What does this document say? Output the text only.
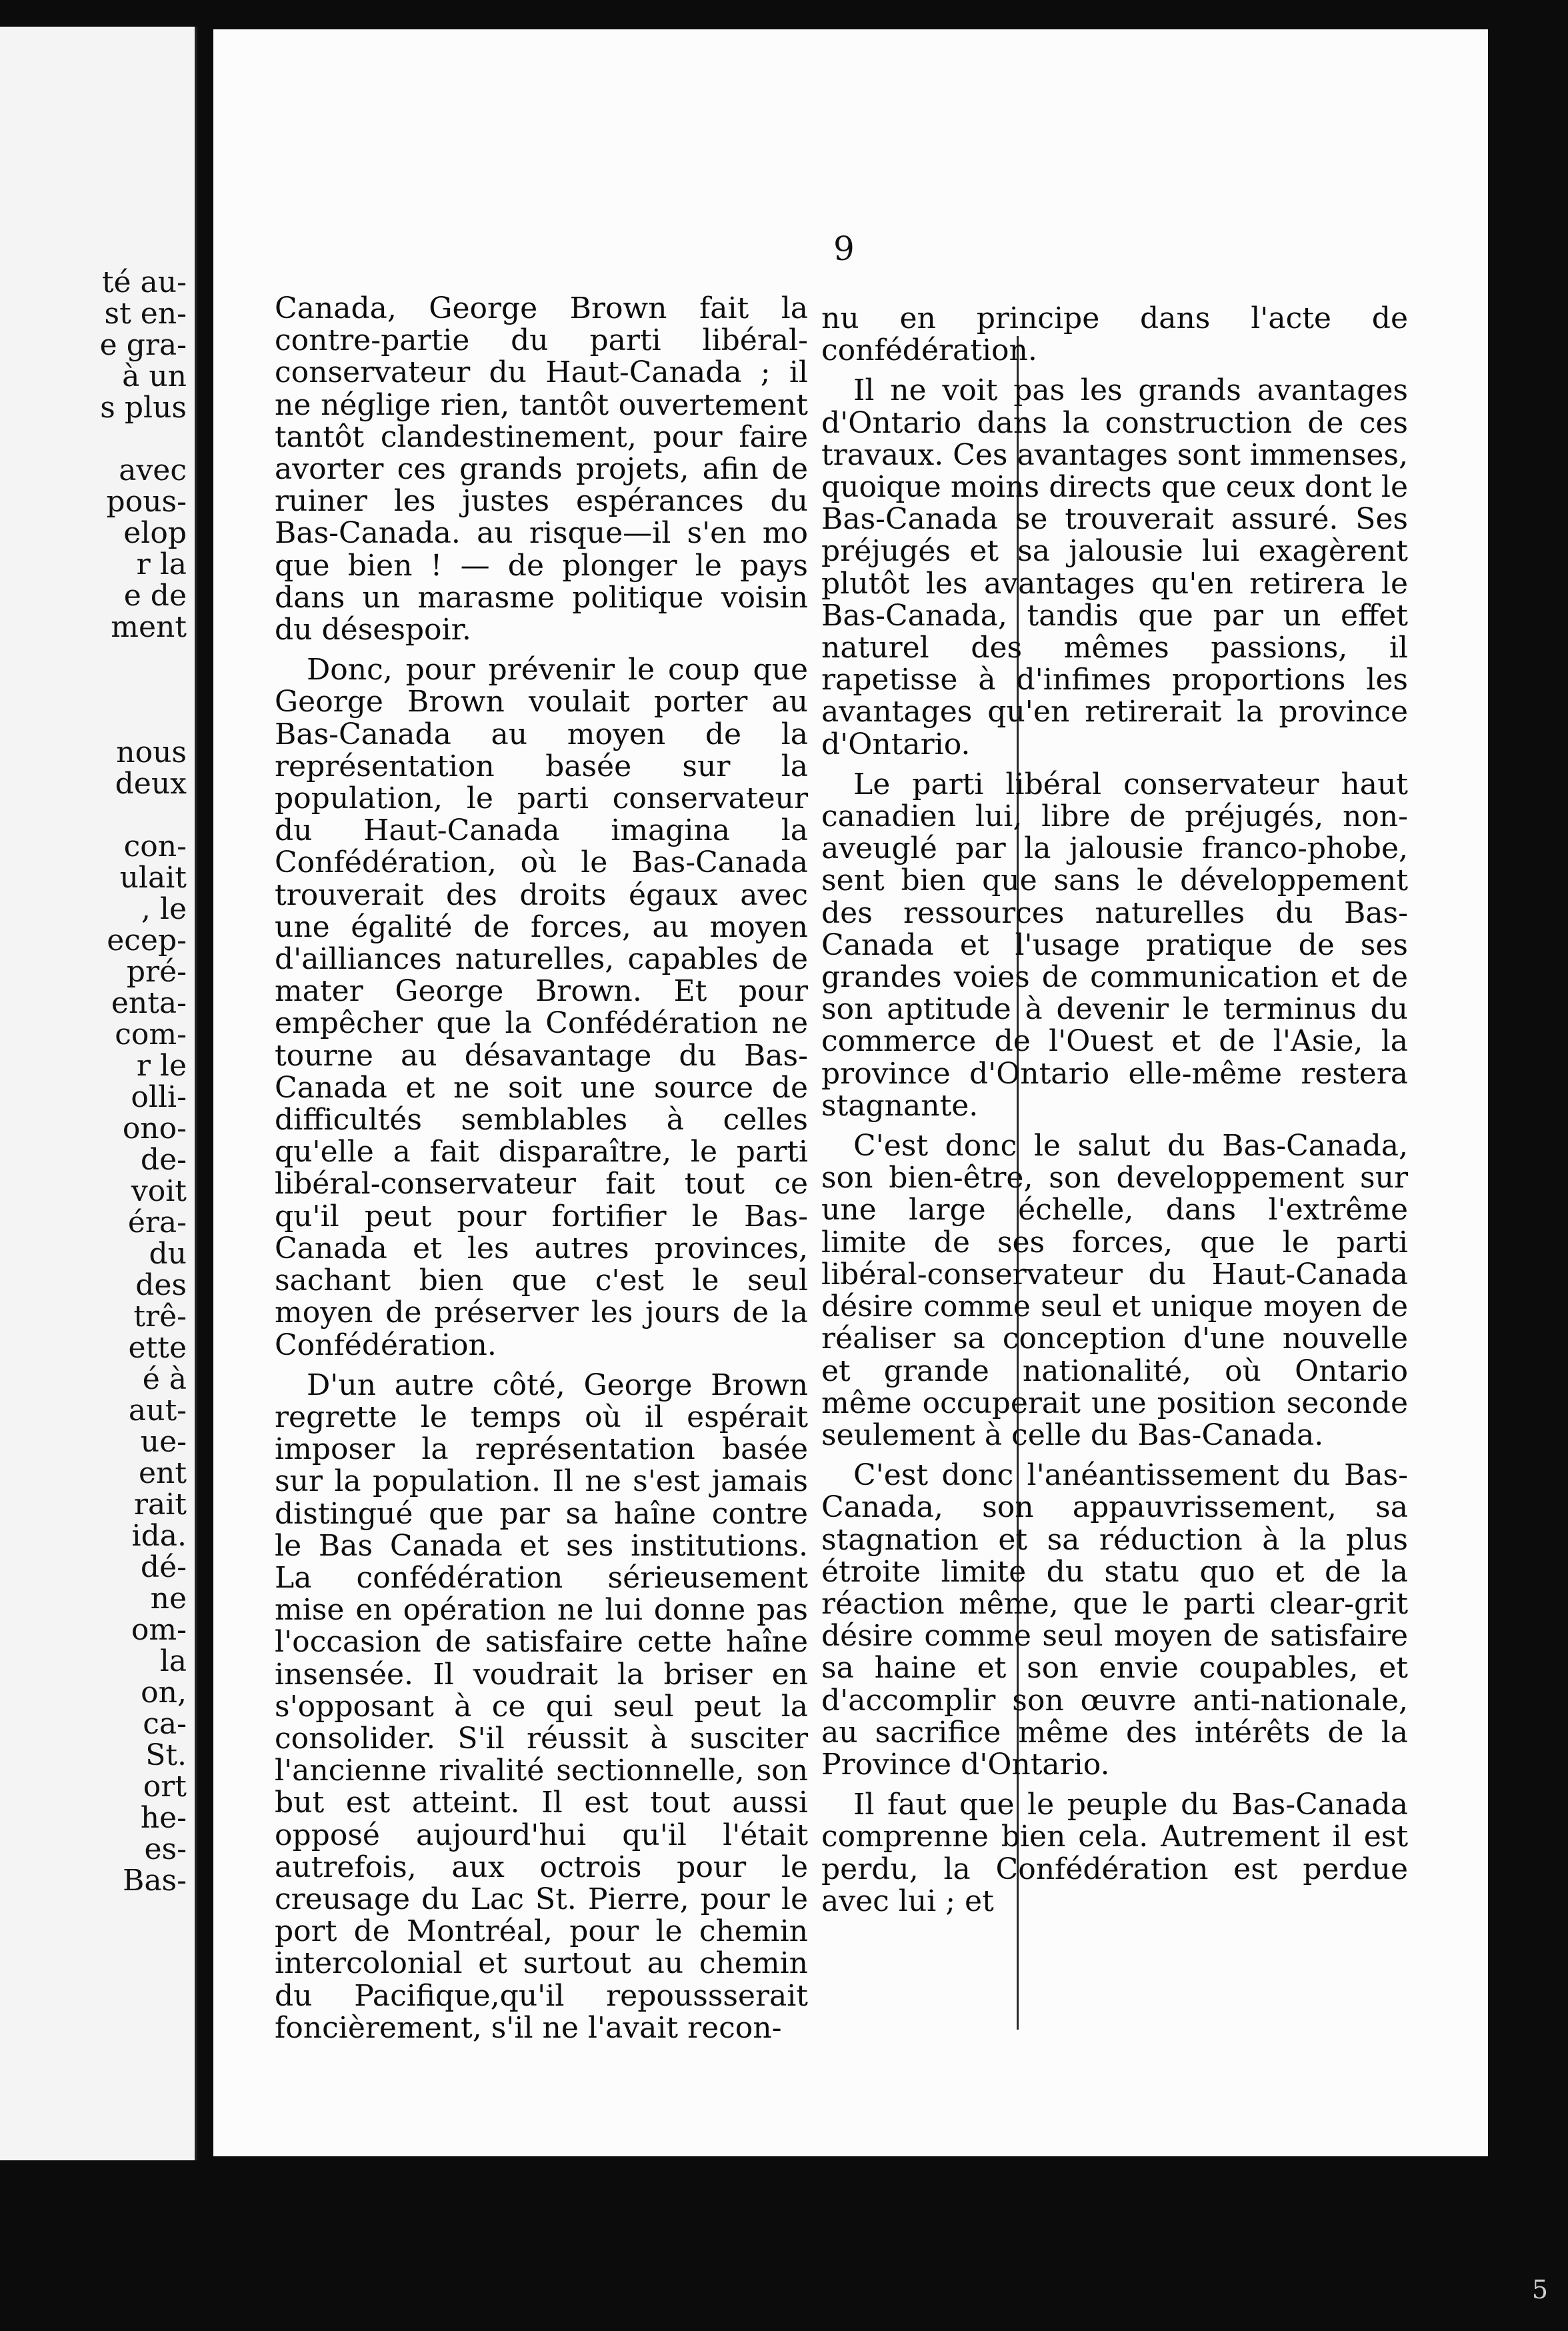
té au-
st en-
e gra-
à un
s plus
avec
pous-
elop
r la
e de
ment
nous
deux
con-
ulait
, le
ecep-
pré-
enta-
com-
r le
olli-
ono-
de-
voit
éra-
du
des
trê-
ette
é à
aut-
ue-
ent
rait
ida.
dé-
ne
om-
la
on,
ca-
St.
ort
he-
es-
Bas-
9

Canada, George Brown fait la contre-partie du parti libéral-conservateur du Haut-Canada ; il ne néglige rien, tantôt ouvertement tantôt clandestinement, pour faire avorter ces grands projets, afin de ruiner les justes espérances du Bas-Canada. au risque—il s'en mo que bien ! — de plonger le pays dans un marasme politique voisin du désespoir.

Donc, pour prévenir le coup que George Brown voulait porter au Bas-Canada au moyen de la représentation basée sur la population, le parti conservateur du Haut-Canada imagina la Confédération, où le Bas-Canada trouverait des droits égaux avec une égalité de forces, au moyen d'ailliances naturelles, capables de mater George Brown. Et pour empêcher que la Confédération ne tourne au désavantage du Bas-Canada et ne soit une source de difficultés semblables à celles qu'elle a fait disparaître, le parti libéral-conservateur fait tout ce qu'il peut pour fortifier le Bas-Canada et les autres provinces, sachant bien que c'est le seul moyen de préserver les jours de la Confédération.

D'un autre côté, George Brown regrette le temps où il espérait imposer la représentation basée sur la population. Il ne s'est jamais distingué que par sa haîne contre le Bas Canada et ses institutions. La confédération sérieusement mise en opération ne lui donne pas l'occasion de satisfaire cette haîne insensée. Il voudrait la briser en s'opposant à ce qui seul peut la consolider. S'il réussit à susciter l'ancienne rivalité sectionnelle, son but est atteint. Il est tout aussi opposé aujourd'hui qu'il l'était autrefois, aux octrois pour le creusage du Lac St. Pierre, pour le port de Montréal, pour le chemin intercolonial et surtout au chemin du Pacifique,qu'il repoussserait foncièrement, s'il ne l'avait recon-

nu en principe dans l'acte de confédération.

Il ne voit pas les grands avantages d'Ontario dans la construction de ces travaux. Ces avantages sont immenses, quoique moins directs que ceux dont le Bas-Canada se trouverait assuré. Ses préjugés et sa jalousie lui exagèrent plutôt les avantages qu'en retirera le Bas-Canada, tandis que par un effet naturel des mêmes passions, il rapetisse à d'infimes proportions les avantages qu'en retirerait la province d'Ontario.

Le parti libéral conservateur haut canadien lui, libre de préjugés, non-aveuglé par la jalousie franco-phobe, sent bien que sans le développement des ressources naturelles du Bas-Canada et l'usage pratique de ses grandes voies de communication et de son aptitude à devenir le terminus du commerce de l'Ouest et de l'Asie, la province d'Ontario elle-même restera stagnante.

C'est donc le salut du Bas-Canada, son bien-être, son developpement sur une large échelle, dans l'extrême limite de ses forces, que le parti libéral-conservateur du Haut-Canada désire comme seul et unique moyen de réaliser sa conception d'une nouvelle et grande nationalité, où Ontario même occuperait une position seconde seulement à celle du Bas-Canada.

C'est donc l'anéantissement du Bas-Canada, son appauvrissement, sa stagnation et sa réduction à la plus étroite limite du statu quo et de la réaction même, que le parti clear-grit désire comme seul moyen de satisfaire sa haine et son envie coupables, et d'accomplir son œuvre anti-nationale, au sacrifice même des intérêts de la Province d'Ontario.

Il faut que le peuple du Bas-Canada comprenne bien cela. Autrement il est perdu, la Confédération est perdue avec lui ; et

5
